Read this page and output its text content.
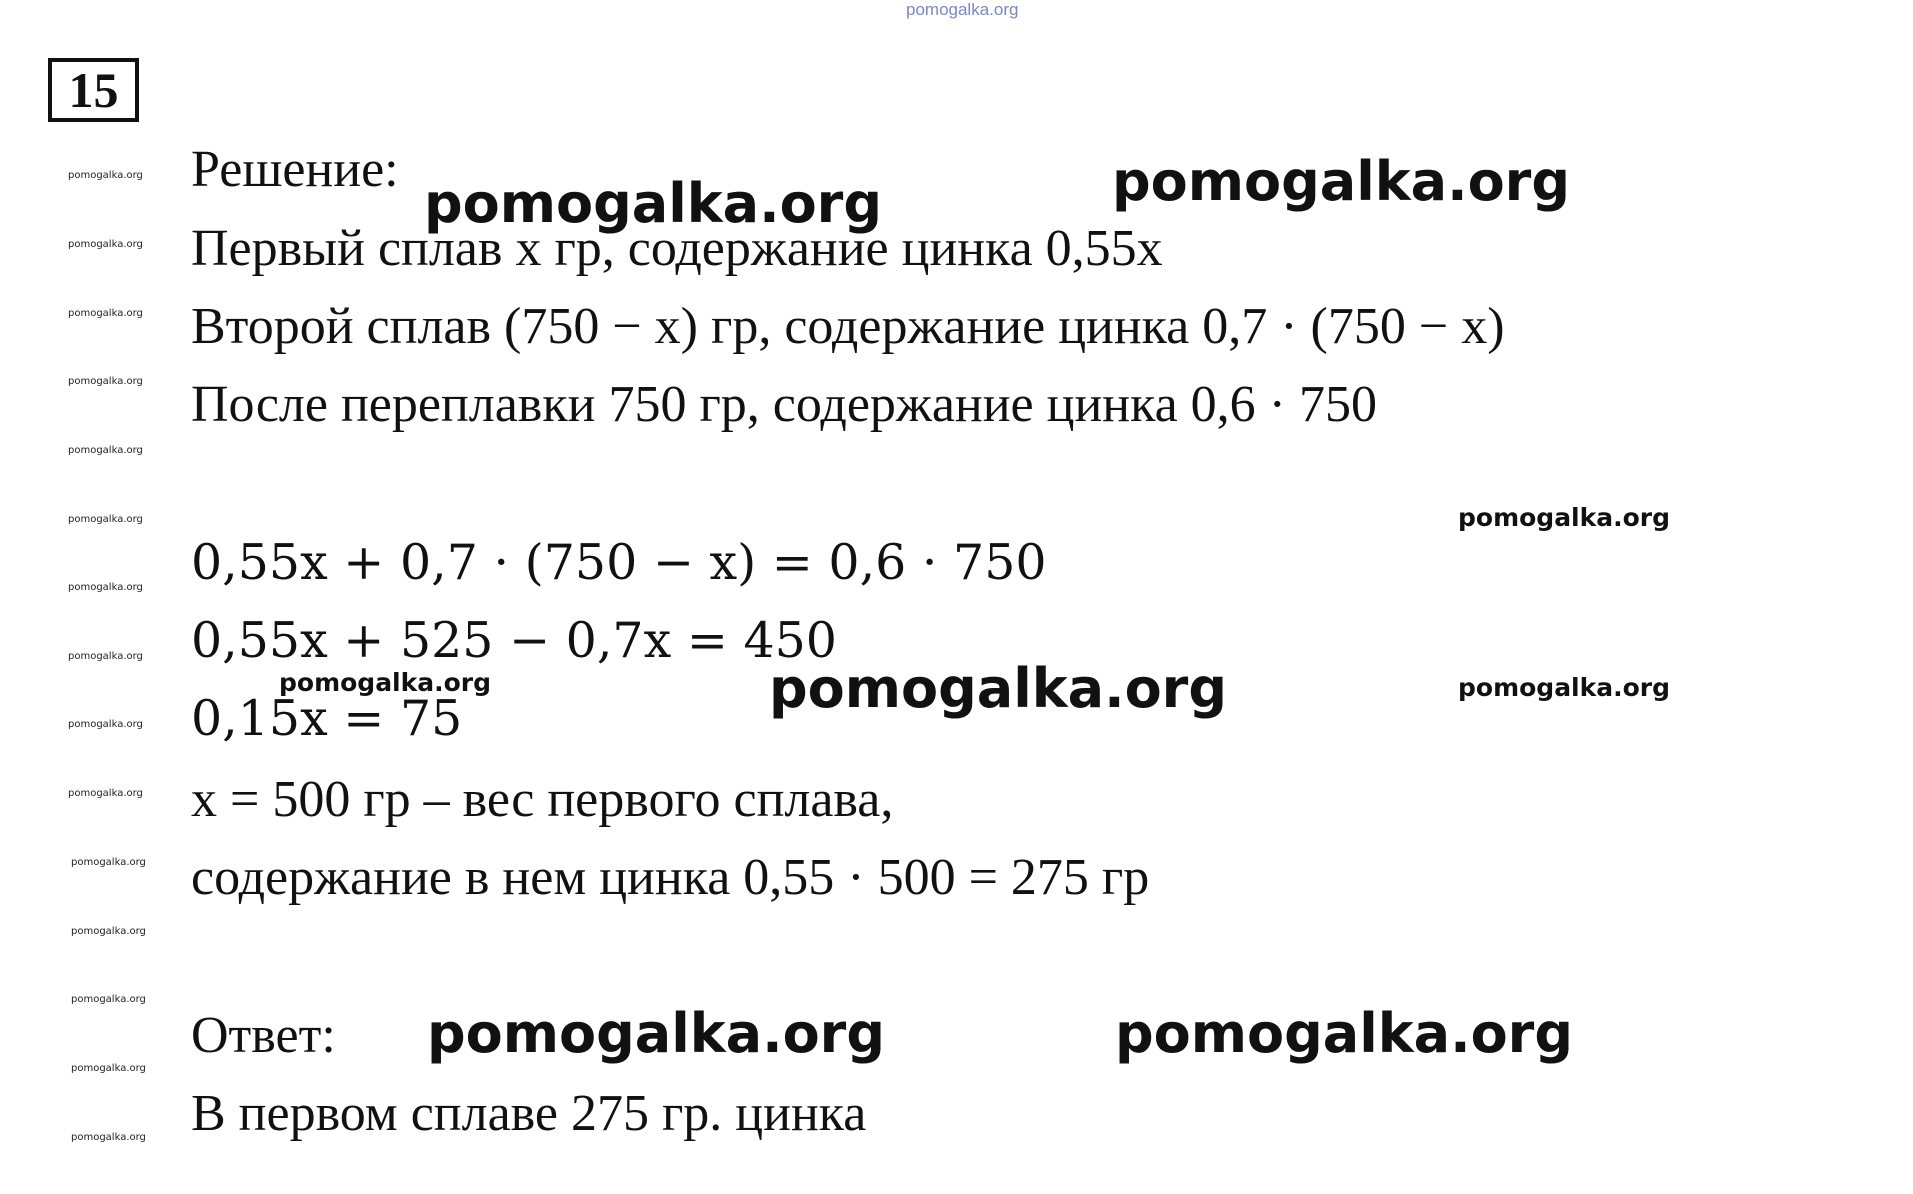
pomogalka.org
15
pomogalka.org
pomogalka.org
pomogalka.org
pomogalka.org
pomogalka.org
pomogalka.org
pomogalka.org
pomogalka.org
pomogalka.org
pomogalka.org
pomogalka.org
pomogalka.org
pomogalka.org
pomogalka.org
pomogalka.org
Решение:
Первый сплав x гр, содержание цинка 0,55x
Второй сплав (750 − x) гр, содержание цинка 0,7 · (750 − x)
После переплавки 750 гр, содержание цинка 0,6 · 750
0,55x + 0,7 · (750 − x) = 0,6 · 750
0,55x + 525 − 0,7x = 450
0,15x = 75
x = 500 гр – вес первого сплава,
содержание в нем цинка 0,55 · 500 = 275 гр
Ответ:
В первом сплаве 275 гр. цинка
pomogalka.org	pomogalka.org
pomogalka.org
pomogalka.org	pomogalka.org	pomogalka.org
pomogalka.org	pomogalka.org
